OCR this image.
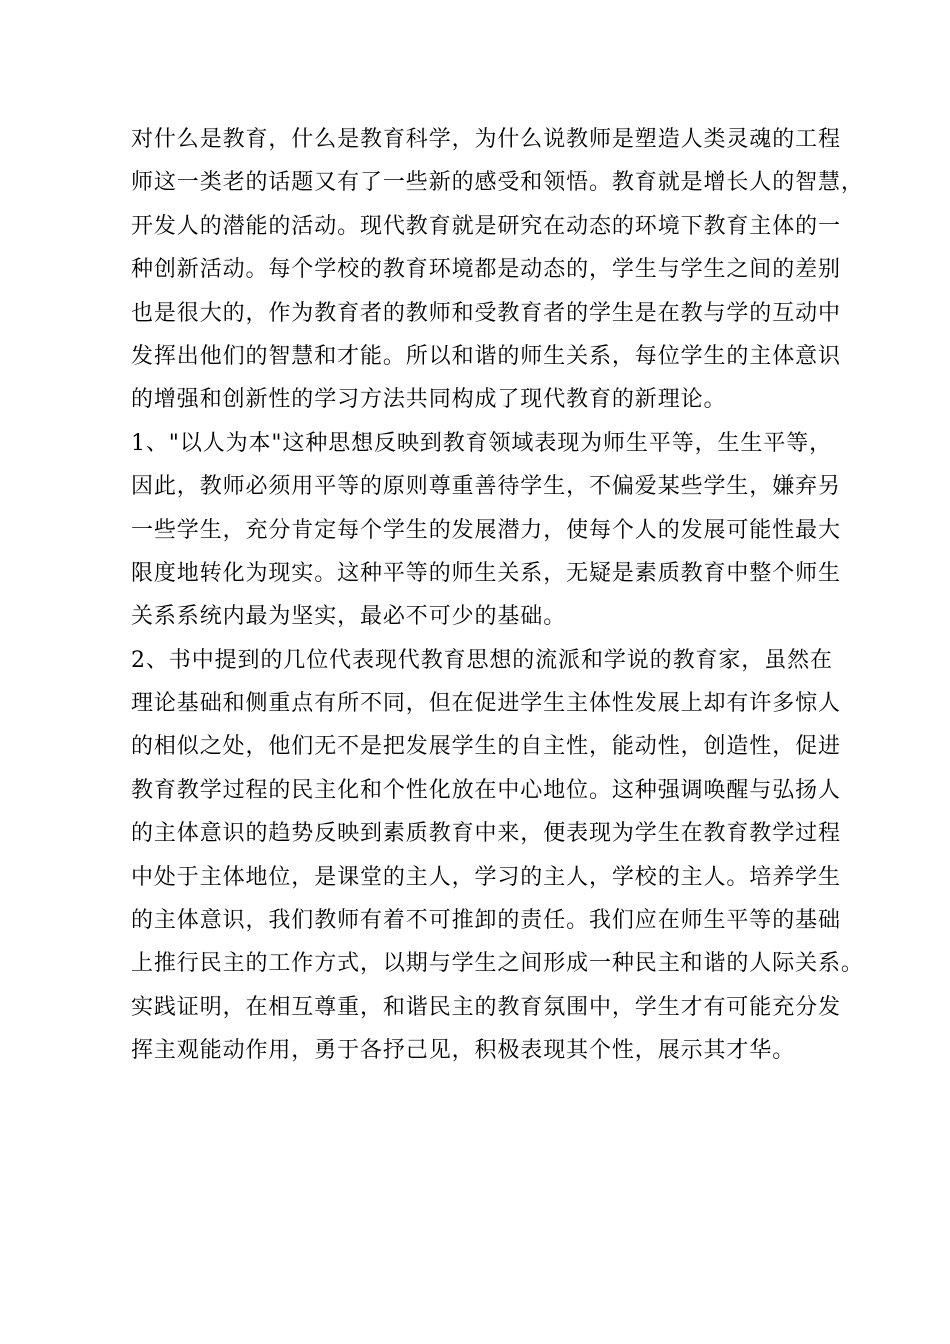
对什么是教育，什么是教育科学，为什么说教师是塑造人类灵魂的工程
师这一类老的话题又有了一些新的感受和领悟。教育就是增长人的智慧，
开发人的潜能的活动。现代教育就是研究在动态的环境下教育主体的一
种创新活动。每个学校的教育环境都是动态的，学生与学生之间的差别
也是很大的，作为教育者的教师和受教育者的学生是在教与学的互动中
发挥出他们的智慧和才能。所以和谐的师生关系，每位学生的主体意识
的增强和创新性的学习方法共同构成了现代教育的新理论。
1、"以人为本"这种思想反映到教育领域表现为师生平等，生生平等，
因此，教师必须用平等的原则尊重善待学生，不偏爱某些学生，嫌弃另
一些学生，充分肯定每个学生的发展潜力，使每个人的发展可能性最大
限度地转化为现实。这种平等的师生关系，无疑是素质教育中整个师生
关系系统内最为坚实，最必不可少的基础。
2、书中提到的几位代表现代教育思想的流派和学说的教育家，虽然在
理论基础和侧重点有所不同，但在促进学生主体性发展上却有许多惊人
的相似之处，他们无不是把发展学生的自主性，能动性，创造性，促进
教育教学过程的民主化和个性化放在中心地位。这种强调唤醒与弘扬人
的主体意识的趋势反映到素质教育中来，便表现为学生在教育教学过程
中处于主体地位，是课堂的主人，学习的主人，学校的主人。培养学生
的主体意识，我们教师有着不可推卸的责任。我们应在师生平等的基础
上推行民主的工作方式，以期与学生之间形成一种民主和谐的人际关系。
实践证明，在相互尊重，和谐民主的教育氛围中，学生才有可能充分发
挥主观能动作用，勇于各抒己见，积极表现其个性，展示其才华。
